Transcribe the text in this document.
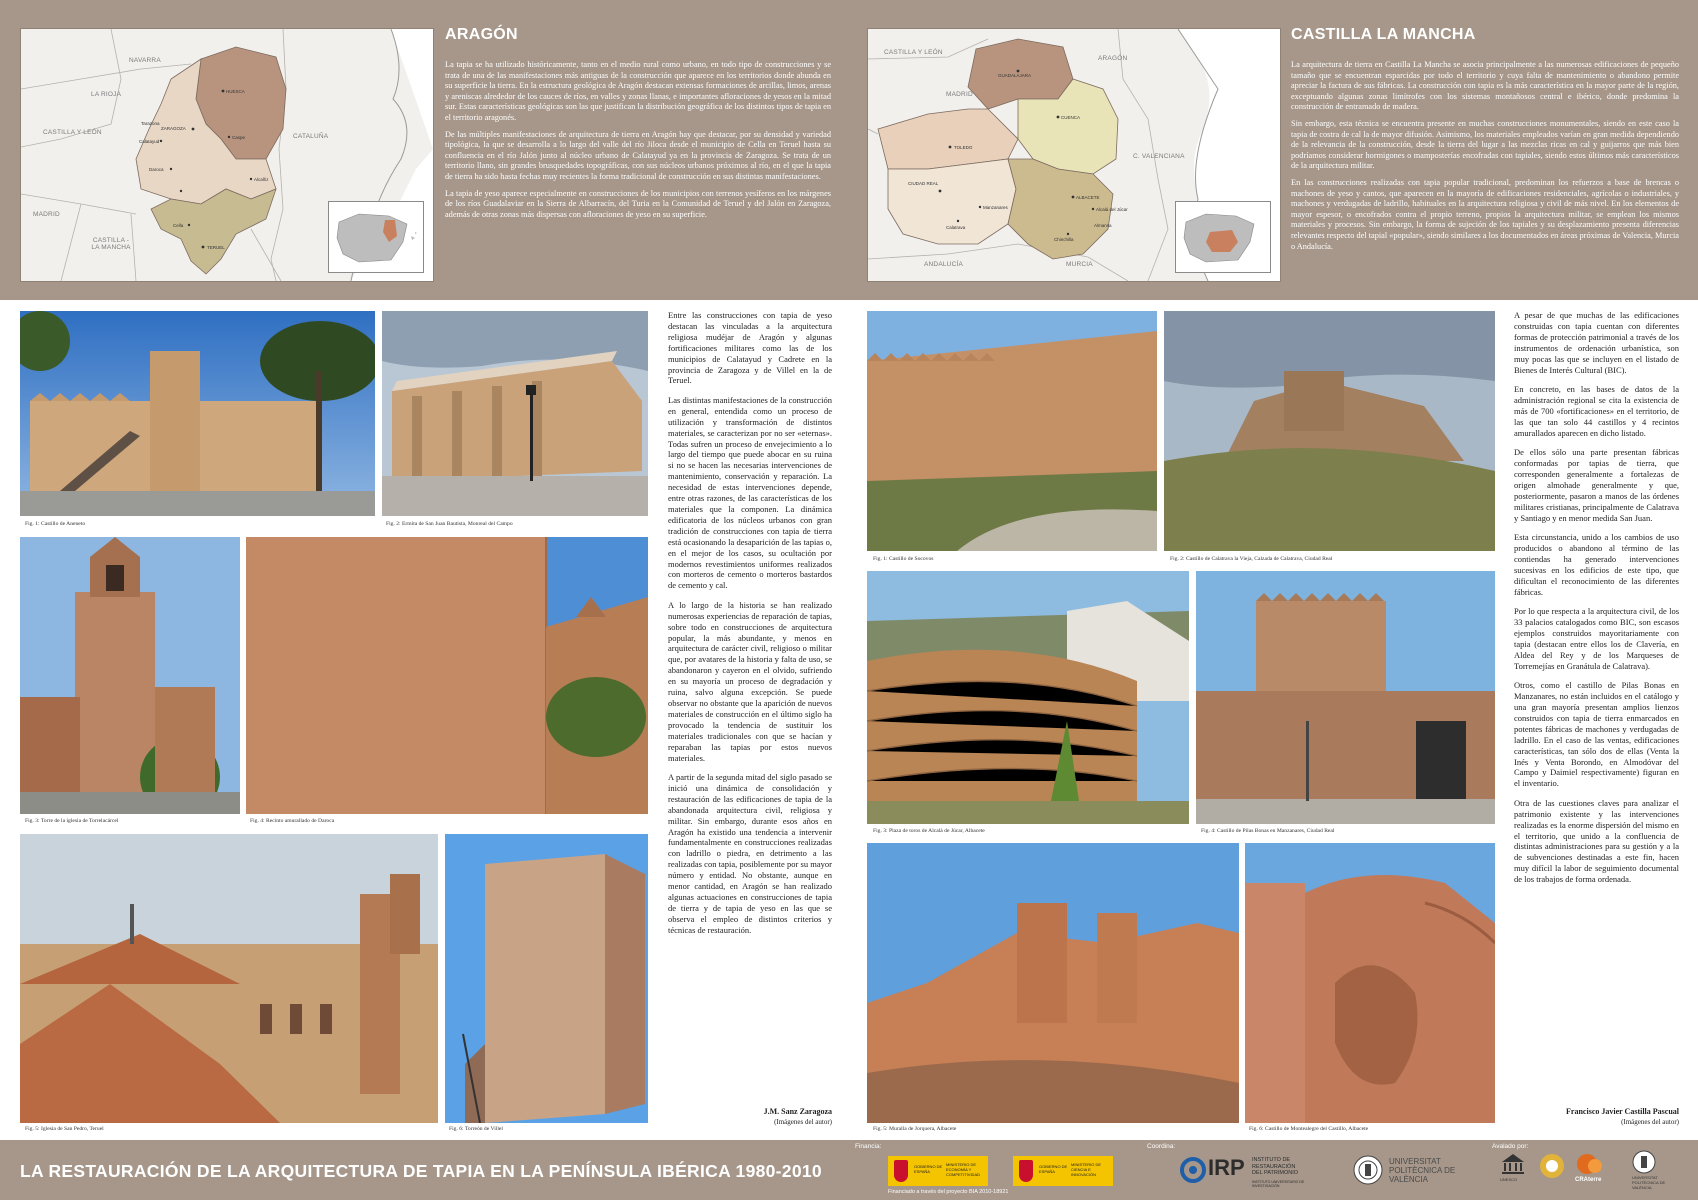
NAVARRA
LA RIOJA
CASTILLA Y LEÓN
CATALUÑA
MADRID
CASTILLA - LA MANCHA
HUESCA
ZARAGOZA
Calatayud
Caspe
Daroca
Tarazona
TERUEL
Cella
Alcañiz
ARAGÓN

La tapia se ha utilizado históricamente, tanto en el medio rural como urbano, en todo tipo de construcciones y se trata de una de las manifestaciones más antiguas de la construcción que aparece en los territorios donde abunda en su superficie la tierra. En la estructura geológica de Aragón destacan extensas formaciones de arcillas, limos, arenas y areniscas alrededor de los cauces de ríos, en valles y zonas llanas, e importantes afloraciones de yesos en la mitad sur. Estas características geológicas son las que justifican la distribución geográfica de los distintos tipos de tapia en el territorio aragonés.

De las múltiples manifestaciones de arquitectura de tierra en Aragón hay que destacar, por su densidad y variedad tipológica, la que se desarrolla a lo largo del valle del río Jiloca desde el municipio de Cella en Teruel hasta su confluencia en el río Jalón junto al núcleo urbano de Calatayud ya en la provincia de Zaragoza. Se trata de un territorio llano, sin grandes brusquedades topográficas, con sus núcleos urbanos próximos al río, en el que la tapia de tierra ha sido hasta fechas muy recientes la forma tradicional de construcción en sus distintas manifestaciones.

La tapia de yeso aparece especialmente en construcciones de los municipios con terrenos yesíferos en los márgenes de los ríos Guadalaviar en la Sierra de Albarracín, del Turia en la Comunidad de Teruel y del Jalón en Zaragoza, además de otras zonas más dispersas con afloraciones de yeso en su superficie.

CASTILLA Y LEÓN
ARAGÓN
MADRID
C. VALENCIANA
ANDALUCÍA	MURCIA
GUADALAJARA
CUENCA
TOLEDO
CIUDAD REAL
ALBACETE
Alcalá del Júcar
Almansa
Chinchilla
Calatrava
Manzanares
CASTILLA LA MANCHA

La arquitectura de tierra en Castilla La Mancha se asocia principalmente a las numerosas edificaciones de pequeño tamaño que se encuentran esparcidas por todo el territorio y cuya falta de mantenimiento o abandono permite apreciar la factura de sus fábricas. La construcción con tapia es la más característica en la mayor parte de la región, exceptuando algunas zonas limítrofes con los sistemas montañosos central e ibérico, donde predomina la construcción de entramado de madera.

Sin embargo, esta técnica se encuentra presente en muchas construcciones monumentales, siendo en este caso la tapia de costra de cal la de mayor difusión. Asimismo, los materiales empleados varían en gran medida dependiendo de la relevancia de la construcción, desde la tierra del lugar a las mezclas ricas en cal y guijarros que más bien podríamos considerar hormigones o mamposterías encofradas con tapiales, siendo estos últimos más característicos de la arquitectura militar.

En las construcciones realizadas con tapia popular tradicional, predominan los refuerzos a base de brencas o machones de yeso y cantos, que aparecen en la mayoría de edificaciones residenciales, agrícolas o industriales, y machones y verdugadas de ladrillo, habituales en la arquitectura religiosa y civil de más nivel. En los elementos de mayor espesor, o encofrados contra el propio terreno, propios la arquitectura militar, se emplean los mismos materiales y procesos. Sin embargo, la forma de sujeción de los tapiales y su desplazamiento presenta diferencias relevantes respecto del tapial «popular», siendo similares a los documentados en áreas próximas de Valencia, Murcia o Andalucía.

Fig. 1: Castillo de Aneneto	Fig. 2: Ermita de San Juan Bautista, Monreal del Campo
Fig. 3: Torre de la iglesia de Torrelacárcel	Fig. 4: Recinto amurallado de Daroca
Fig. 5: Iglesia de San Pedro, Teruel	Fig. 6: Torreón de Villel

Entre las construcciones con tapia de yeso destacan las vinculadas a la arquitectura religiosa mudéjar de Aragón y algunas fortificaciones militares como las de los municipios de Calatayud y Cadrete en la provincia de Zaragoza y de Villel en la de Teruel.

Las distintas manifestaciones de la construcción en general, entendida como un proceso de utilización y transformación de distintos materiales, se caracterizan por no ser «eternas». Todas sufren un proceso de envejecimiento a lo largo del tiempo que puede abocar en su ruina si no se hacen las necesarias intervenciones de mantenimiento, conservación y reparación. La necesidad de estas intervenciones depende, entre otras razones, de las características de los materiales que la componen. La dinámica edificatoria de los núcleos urbanos con gran tradición de construcciones con tapia de tierra está ocasionando la desaparición de las tapias o, en el mejor de los casos, su ocultación por modernos revestimientos uniformes realizados con morteros de cemento o morteros bastardos de cemento y cal.

A lo largo de la historia se han realizado numerosas experiencias de reparación de tapias, sobre todo en construcciones de arquitectura popular, la más abundante, y menos en arquitectura de carácter civil, religioso o militar que, por avatares de la historia y falta de uso, se abandonaron y cayeron en el olvido, sufriendo en su mayoría un proceso de degradación y ruina, salvo alguna excepción. Se puede observar no obstante que la aparición de nuevos materiales de construcción en el último siglo ha provocado la tendencia de sustituir los materiales tradicionales con que se hacían y reparaban las tapias por estos nuevos materiales.

A partir de la segunda mitad del siglo pasado se inició una dinámica de consolidación y restauración de las edificaciones de tapia de la abandonada arquitectura civil, religiosa y militar. Sin embargo, durante esos años en Aragón ha existido una tendencia a intervenir fundamentalmente en construcciones realizadas con ladrillo o piedra, en detrimento a las realizadas con tapia, posiblemente por su mayor número y entidad. No obstante, aunque en menor cantidad, en Aragón se han realizado algunas actuaciones en construcciones de tapia de tierra y de tapia de yeso en las que se observa el empleo de distintos criterios y técnicas de restauración.

J.M. Sanz Zaragoza
(Imágenes del autor)
Fig. 1: Castillo de Socovos	Fig. 2: Castillo de Calatrava la Vieja, Calzada de Calatrava, Ciudad Real
Fig. 3: Plaza de toros de Alcalá de Júcar, Albacete	Fig. 4: Castillo de Pilas Bonas en Manzanares, Ciudad Real
Fig. 5: Muralla de Jorquera, Albacete	Fig. 6: Castillo de Montealegre del Castillo, Albacete

A pesar de que muchas de las edificaciones construidas con tapia cuentan con diferentes formas de protección patrimonial a través de los instrumentos de ordenación urbanística, son muy pocas las que se incluyen en el listado de Bienes de Interés Cultural (BIC).

En concreto, en las bases de datos de la administración regional se cita la existencia de más de 700 «fortificaciones» en el territorio, de las que tan solo 44 castillos y 4 recintos amurallados aparecen en dicho listado.

De ellos sólo una parte presentan fábricas conformadas por tapias de tierra, que corresponden generalmente a fortalezas de origen almohade generalmente y que, posteriormente, pasaron a manos de las órdenes militares cristianas, principalmente de Calatrava y Santiago y en menor medida San Juan.

Esta circunstancia, unido a los cambios de uso producidos o abandono al término de las contiendas ha generado intervenciones sucesivas en los edificios de este tipo, que dificultan el reconocimiento de las diferentes fábricas.

Por lo que respecta a la arquitectura civil, de los 33 palacios catalogados como BIC, son escasos ejemplos construidos mayoritariamente con tapia (destacan entre ellos los de Clavería, en Aldea del Rey y de los Marqueses de Torremejías en Granátula de Calatrava).

Otros, como el castillo de Pilas Bonas en Manzanares, no están incluidos en el catálogo y una gran mayoría presentan amplios lienzos construidos con tapia de tierra enmarcados en potentes fábricas de machones y verdugadas de ladrillo. En el caso de las ventas, edificaciones características, tan sólo dos de ellas (Venta la Inés y Venta Borondo, en Almodóvar del Campo y Daimiel respectivamente) figuran en el inventario.

Otra de las cuestiones claves para analizar el patrimonio existente y las intervenciones realizadas es la enorme dispersión del mismo en el territorio, que unido a la confluencia de distintas administraciones para su gestión y a la de subvenciones destinadas a este fin, hacen muy difícil la labor de seguimiento documental de los trabajos de forma ordenada.

Francisco Javier Castilla Pascual
(Imágenes del autor)
LA RESTAURACIÓN DE LA ARQUITECTURA DE TAPIA EN LA PENÍNSULA IBÉRICA 1980-2010
Financia:
GOBIERNO DE ESPAÑA
MINISTERIO DE ECONOMÍA Y COMPETITIVIDAD
GOBIERNO DE ESPAÑA
MINISTERIO DE CIENCIA E INNOVACIÓN
Financiado a través del proyecto BIA 2010-18921
Coordina:
IRP INSTITUTO DE RESTAURACIÓN DEL PATRIMONIO
INSTITUTO UNIVERSITARIO DE INVESTIGACIÓN
UNIVERSITAT POLITÈCNICA DE VALÈNCIA
Avalado por:
UNESCO	CRAterre	UNIVERSITAT POLITÈCNICA DE VALÈNCIA
